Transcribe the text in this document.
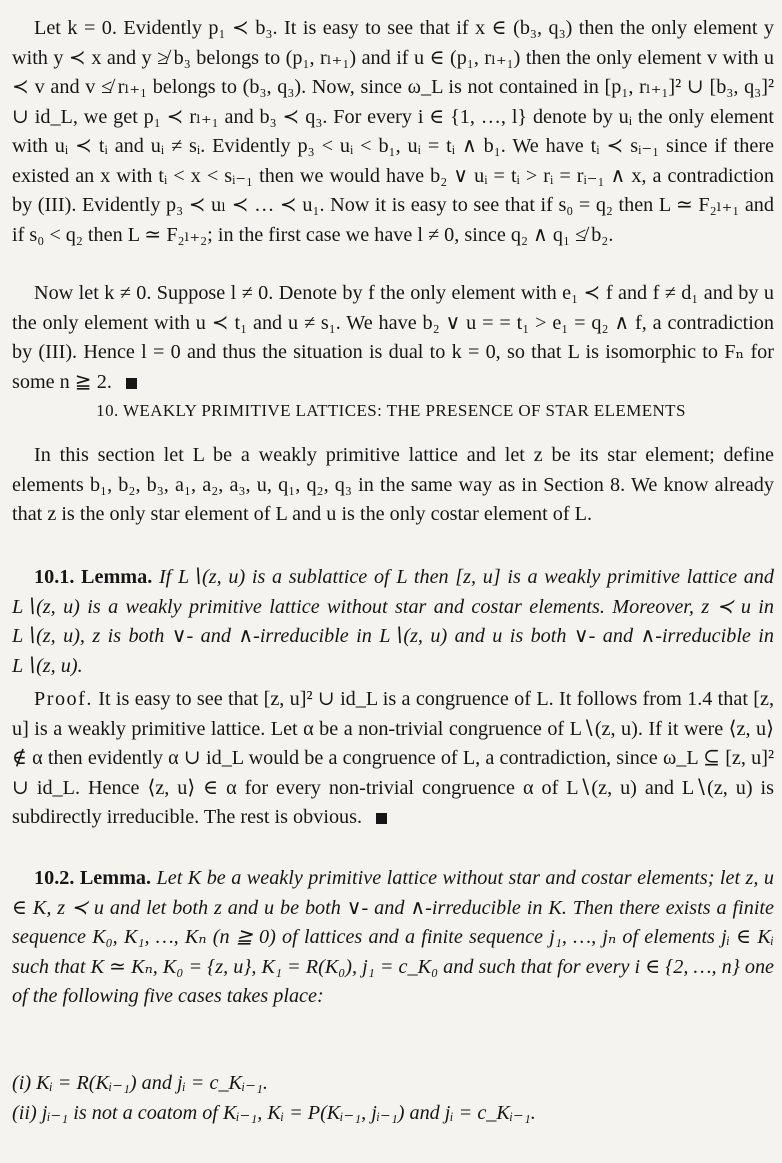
Let k = 0. Evidently p₁ ≺ b₃. It is easy to see that if x ∈ (b₃, q₃) then the only element y with y ≺ x and y ≱ b₃ belongs to (p₁, rₗ₊₁) and if u ∈ (p₁, rₗ₊₁) then the only element v with u ≺ v and v ≰ rₗ₊₁ belongs to (b₃, q₃). Now, since ω_L is not contained in [p₁, rₗ₊₁]² ∪ [b₃, q₃]² ∪ id_L, we get p₁ ≺ rₗ₊₁ and b₃ ≺ q₃. For every i ∈ {1, …, l} denote by uᵢ the only element with uᵢ ≺ tᵢ and uᵢ ≠ sᵢ. Evidently p₃ < uᵢ < b₁, uᵢ = tᵢ ∧ b₁. We have tᵢ ≺ sᵢ₋₁ since if there existed an x with tᵢ < x < sᵢ₋₁ then we would have b₂ ∨ uᵢ = tᵢ > rᵢ = rᵢ₋₁ ∧ x, a contradiction by (III). Evidently p₃ ≺ uₗ ≺ … ≺ u₁. Now it is easy to see that if s₀ = q₂ then L ≃ F₂ₗ₊₁ and if s₀ < q₂ then L ≃ F₂ₗ₊₂; in the first case we have l ≠ 0, since q₂ ∧ q₁ ≰ b₂.

Now let k ≠ 0. Suppose l ≠ 0. Denote by f the only element with e₁ ≺ f and f ≠ d₁ and by u the only element with u ≺ t₁ and u ≠ s₁. We have b₂ ∨ u = = t₁ > e₁ = q₂ ∧ f, a contradiction by (III). Hence l = 0 and thus the situation is dual to k = 0, so that L is isomorphic to Fₙ for some n ≧ 2.

10. WEAKLY PRIMITIVE LATTICES: THE PRESENCE OF STAR ELEMENTS

In this section let L be a weakly primitive lattice and let z be its star element; define elements b₁, b₂, b₃, a₁, a₂, a₃, u, q₁, q₂, q₃ in the same way as in Section 8. We know already that z is the only star element of L and u is the only costar element of L.

10.1. Lemma. If L∖(z, u) is a sublattice of L then [z, u] is a weakly primitive lattice and L∖(z, u) is a weakly primitive lattice without star and costar elements. Moreover, z ≺ u in L∖(z, u), z is both ∨- and ∧-irreducible in L∖(z, u) and u is both ∨- and ∧-irreducible in L∖(z, u).

Proof. It is easy to see that [z, u]² ∪ id_L is a congruence of L. It follows from 1.4 that [z, u] is a weakly primitive lattice. Let α be a non-trivial congruence of L∖(z, u). If it were ⟨z, u⟩ ∉ α then evidently α ∪ id_L would be a congruence of L, a contradiction, since ω_L ⊆ [z, u]² ∪ id_L. Hence ⟨z, u⟩ ∈ α for every non-trivial congruence α of L∖(z, u) and L∖(z, u) is subdirectly irreducible. The rest is obvious.

10.2. Lemma. Let K be a weakly primitive lattice without star and costar elements; let z, u ∈ K, z ≺ u and let both z and u be both ∨- and ∧-irreducible in K. Then there exists a finite sequence K₀, K₁, …, Kₙ (n ≧ 0) of lattices and a finite sequence j₁, …, jₙ of elements jᵢ ∈ Kᵢ such that K ≃ Kₙ, K₀ = {z, u}, K₁ = R(K₀), j₁ = c_K₀ and such that for every i ∈ {2, …, n} one of the following five cases takes place:

(i) Kᵢ = R(Kᵢ₋₁) and jᵢ = c_Kᵢ₋₁.

(ii) jᵢ₋₁ is not a coatom of Kᵢ₋₁, Kᵢ = P(Kᵢ₋₁, jᵢ₋₁) and jᵢ = c_Kᵢ₋₁.
